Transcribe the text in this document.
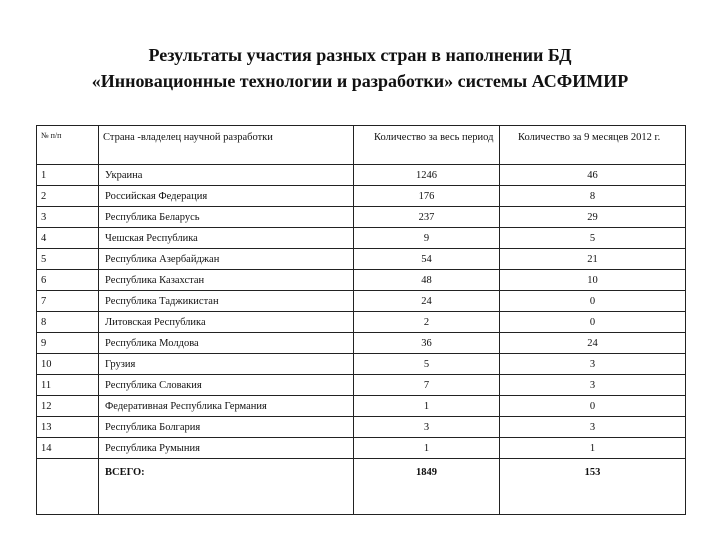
Результаты участия разных стран в наполнении БД
«Инновационные технологии и разработки» системы АСФИМИР
№ п/п	Страна -владелец научной разработки	Количество за весь период	Количество за 9 месяцев 2012 г.
1	Украина	1246	46
2	Российская Федерация	176	8
3	Республика Беларусь	237	29
4	Чешская Республика	9	5
5	Республика Азербайджан	54	21
6	Республика Казахстан	48	10
7	Республика Таджикистан	24	0
8	Литовская Республика	2	0
9	Республика Молдова	36	24
10	Грузия	5	3
11	Республика Словакия	7	3
12	Федеративная Республика Германия	1	0
13	Республика Болгария	3	3
14	Республика Румыния	1	1
	ВСЕГО:	1849	153
